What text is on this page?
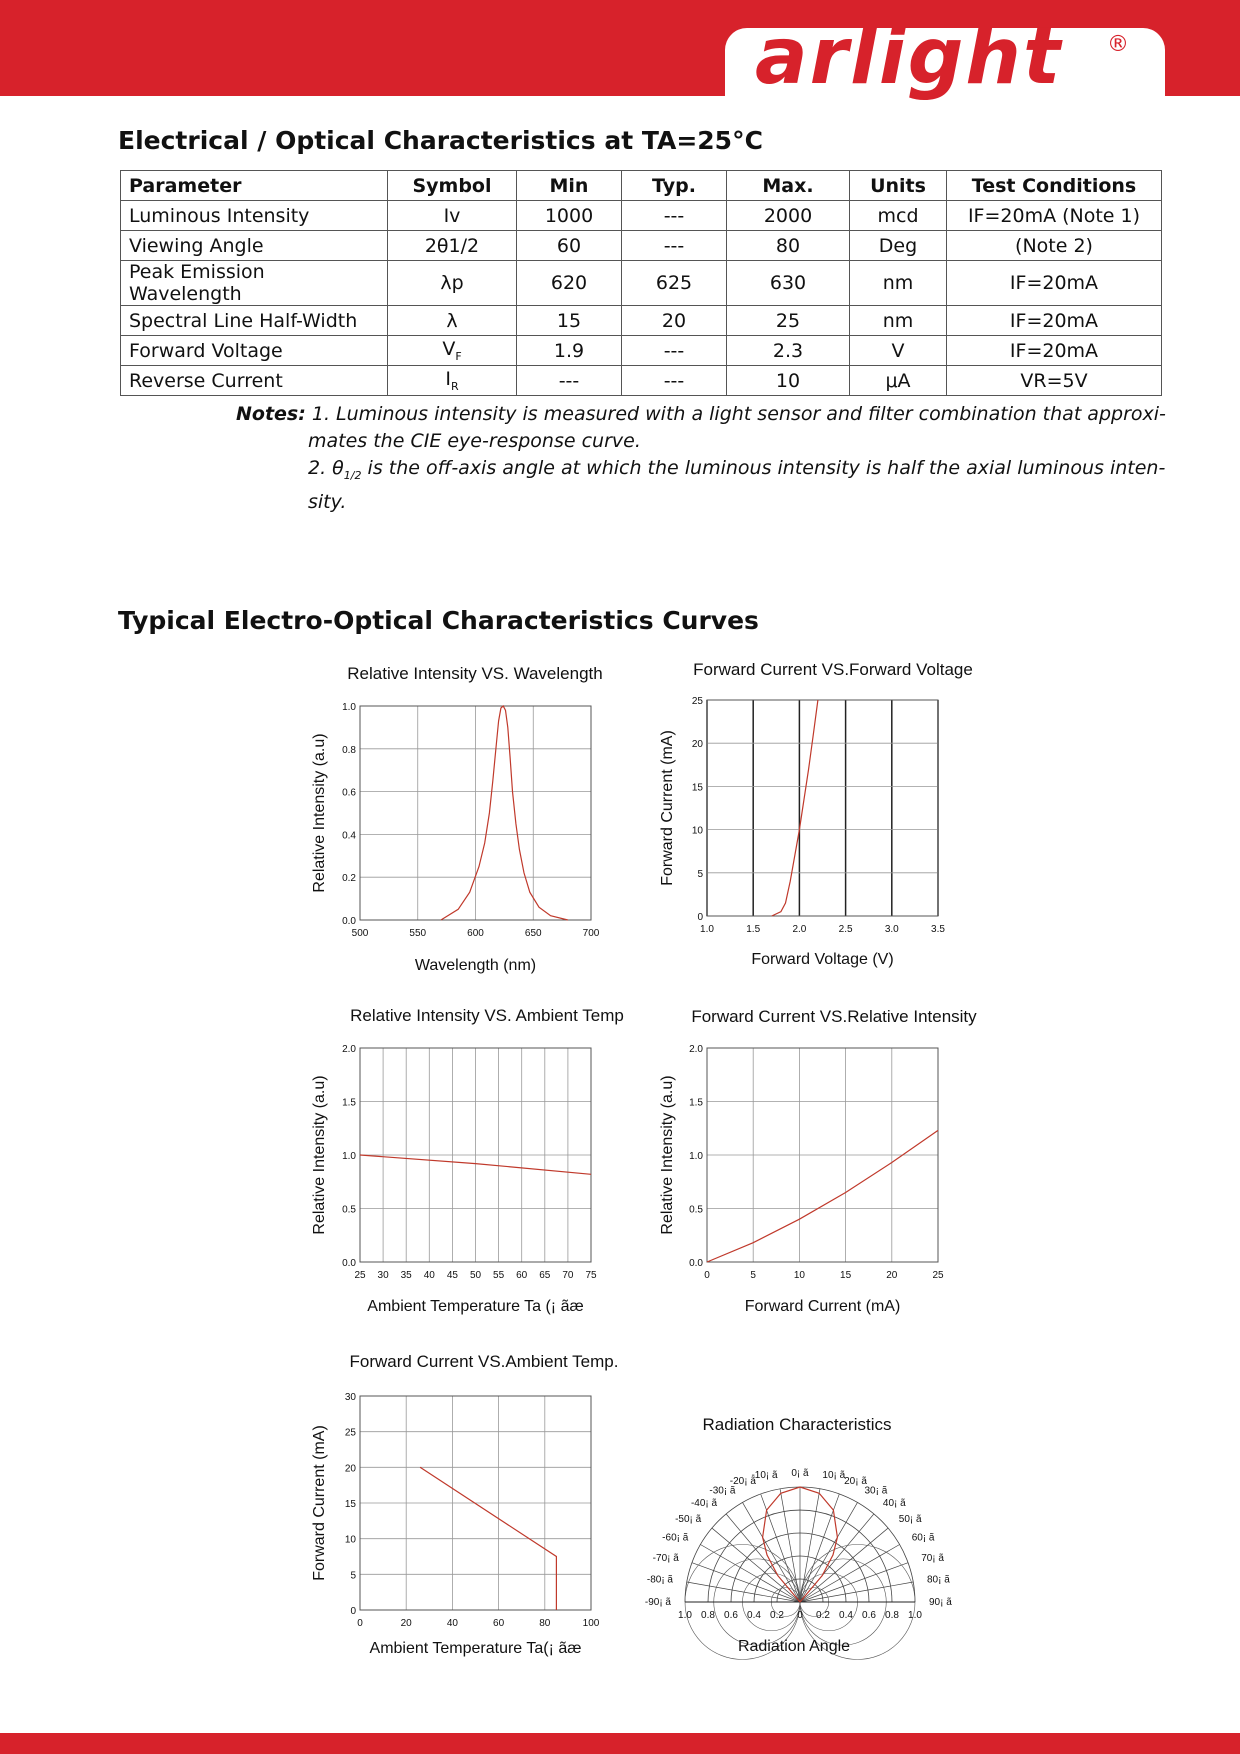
arlight ®
Electrical / Optical Characteristics at TA=25°C
Parameter	Symbol	Min	Typ.	Max.	Units	Test Conditions
Luminous Intensity	Iv	1000	---	2000	mcd	IF=20mA (Note 1)
Viewing Angle	2θ1/2	60	---	80	Deg	(Note 2)
Peak Emission Wavelength	λp	620	625	630	nm	IF=20mA
Spectral Line Half-Width	λ	15	20	25	nm	IF=20mA
Forward Voltage	$V_F$	1.9	---	2.3	V	IF=20mA
Reverse Current	$I_R$	---	---	10	μA	VR=5V
Notes: 1. Luminous intensity is measured with a light sensor and filter combination that approxi-
mates the CIE eye-response curve.
2. $\theta_{1/2}$ is the off-axis angle at which the luminous intensity is half the axial luminous inten-
sity.
Typical Electro-Optical Characteristics Curves
500	550	600	650	700
0.0
0.2
0.4
0.6
0.8
1.0
Relative Intensity VS. Wavelength
Wavelength (nm)
Relative Intensity (a.u)
1.0	1.5	2.0	2.5	3.0	3.5
0
5
10
15
20
25
Forward Current VS.Forward Voltage
Forward Voltage (V)
Forward Current (mA)
25 30 35 40 45 50 55 60 65 70 75
0.0
0.5
1.0
1.5
2.0
Relative Intensity VS. Ambient Temp
Ambient Temperature Ta (¡ ãæ
Relative Intensity (a.u)
0	5	10	15	20	25
0.0
0.5
1.0
1.5
2.0
Forward Current VS.Relative Intensity
Forward Current (mA)
Relative Intensity (a.u)
0	20	40	60	80	100
0
5
10
15
20
25
30
Forward Current VS.Ambient Temp.
Ambient Temperature Ta(¡ ãæ
Forward Current (mA)
Radiation Characteristics
-90¡ ã
-80¡ ã
-70¡ ã
-60¡ ã
-50¡ ã
-40¡ ã
-30¡ ã
-20¡ ã
-10¡ ã 0¡ ã 10¡ ã
20¡ ã
30¡ ã
40¡ ã
50¡ ã
60¡ ã
70¡ ã
80¡ ã
90¡ ã
1.0 0.8 0.6 0.4 0.2 0 0.2 0.4 0.6 0.8 1.0
Radiation Angle
